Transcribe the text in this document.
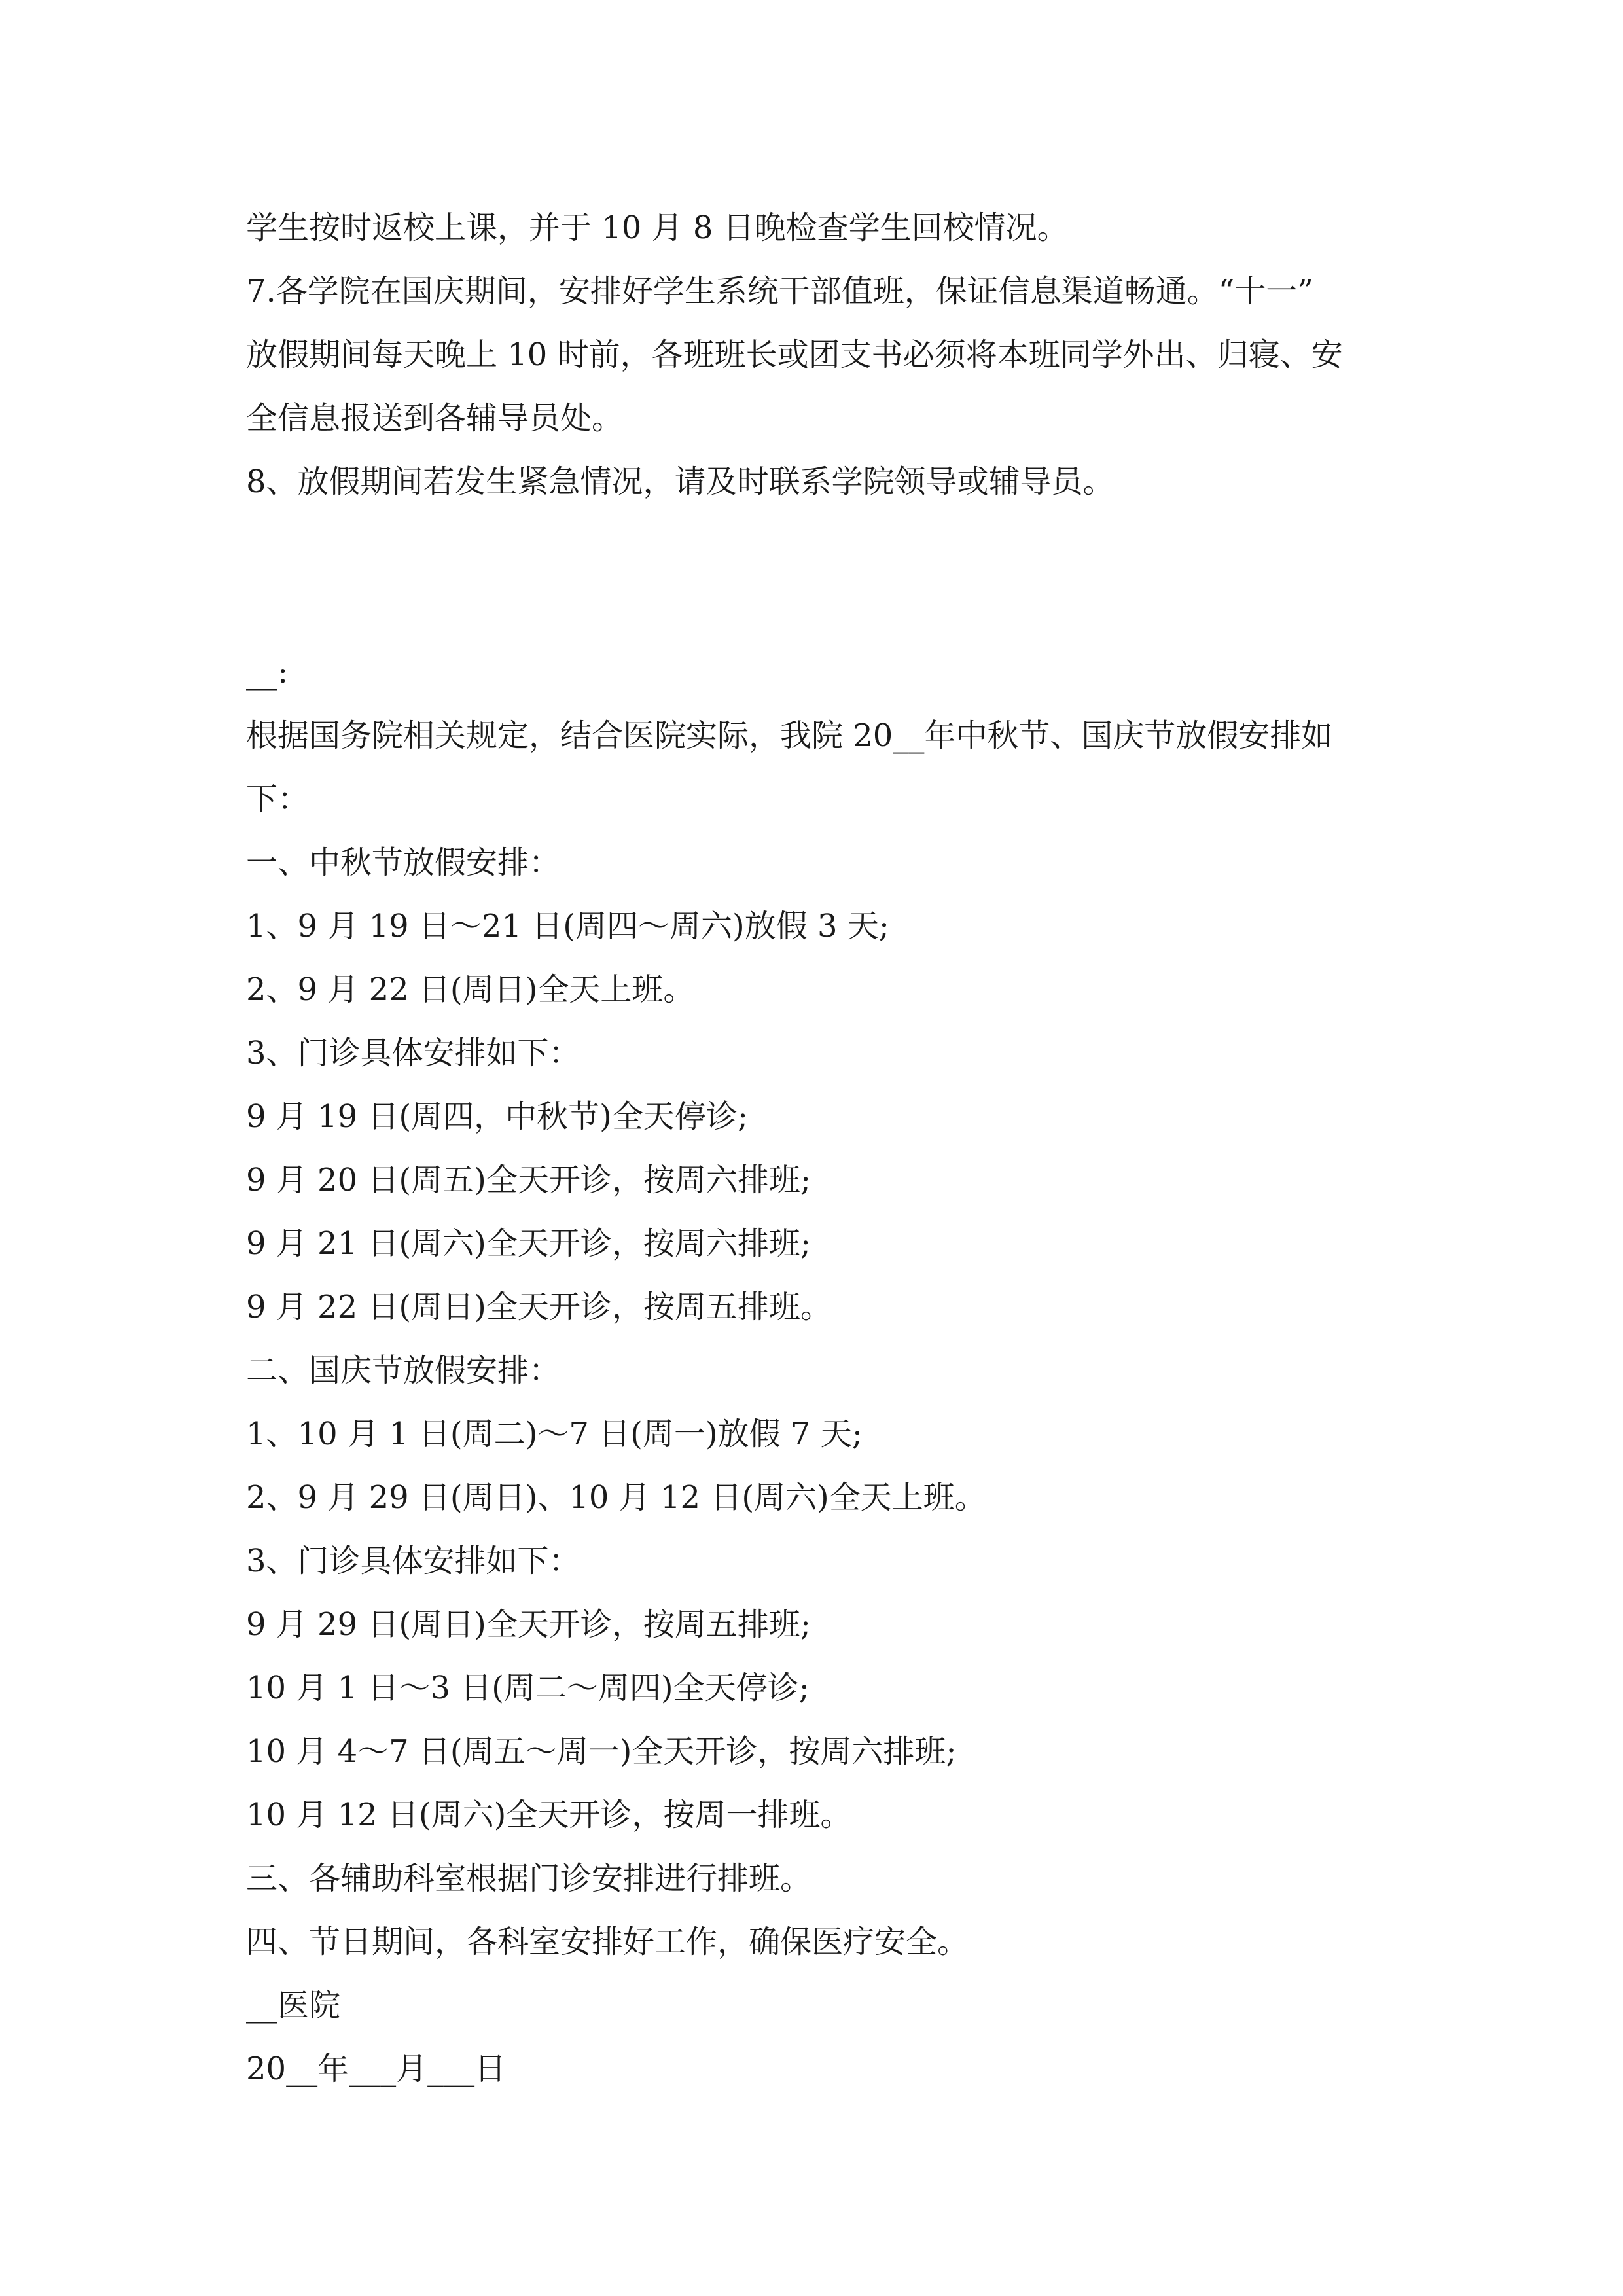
学生按时返校上课，并于 10 月 8 日晚检查学生回校情况。
7.各学院在国庆期间，安排好学生系统干部值班，保证信息渠道畅通。“十一”
放假期间每天晚上 10 时前，各班班长或团支书必须将本班同学外出、归寝、安
全信息报送到各辅导员处。
8、放假期间若发生紧急情况，请及时联系学院领导或辅导员。
__:
根据国务院相关规定，结合医院实际，我院 20__年中秋节、国庆节放假安排如
下：
一、中秋节放假安排：
1、9 月 19 日～21 日(周四～周六)放假 3 天;
2、9 月 22 日(周日)全天上班。
3、门诊具体安排如下：
9 月 19 日(周四，中秋节)全天停诊;
9 月 20 日(周五)全天开诊，按周六排班;
9 月 21 日(周六)全天开诊，按周六排班;
9 月 22 日(周日)全天开诊，按周五排班。
二、国庆节放假安排：
1、10 月 1 日(周二)～7 日(周一)放假 7 天;
2、9 月 29 日(周日)、10 月 12 日(周六)全天上班。
3、门诊具体安排如下：
9 月 29 日(周日)全天开诊，按周五排班;
10 月 1 日～3 日(周二～周四)全天停诊;
10 月 4～7 日(周五～周一)全天开诊，按周六排班;
10 月 12 日(周六)全天开诊，按周一排班。
三、各辅助科室根据门诊安排进行排班。
四、节日期间，各科室安排好工作，确保医疗安全。
__医院
20__年___月___日
